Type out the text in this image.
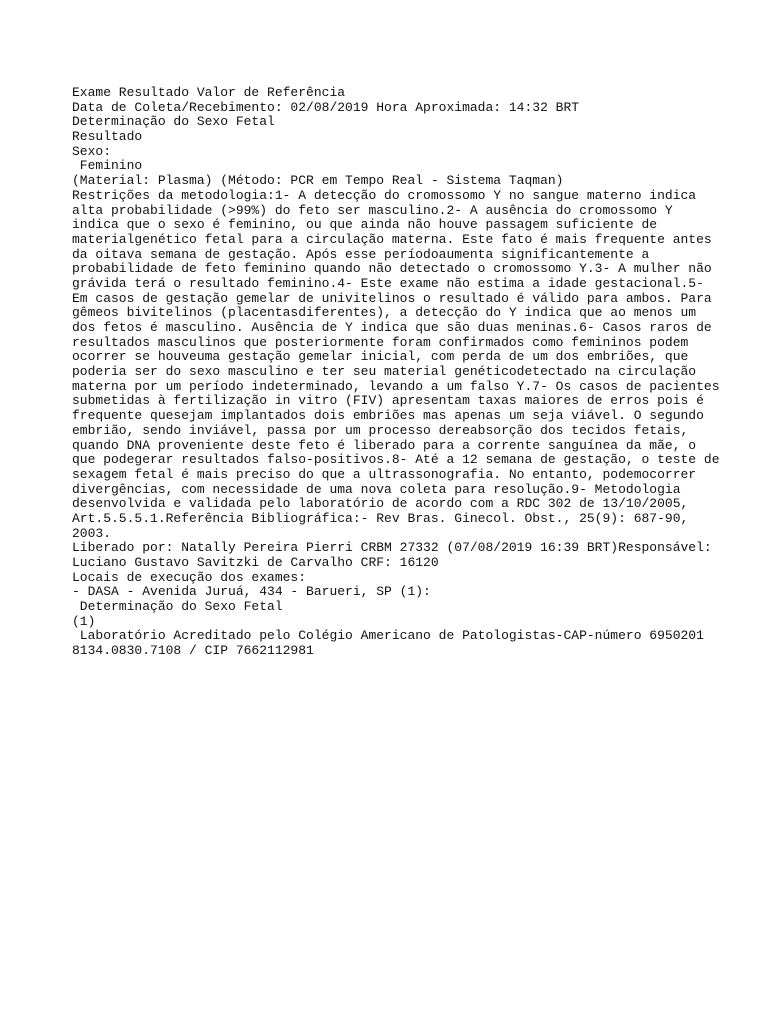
Exame Resultado Valor de Referência
Data de Coleta/Recebimento: 02/08/2019 Hora Aproximada: 14:32 BRT
Determinação do Sexo Fetal
Resultado
Sexo:
Feminino
(Material: Plasma) (Método: PCR em Tempo Real - Sistema Taqman)
Restrições da metodologia:1- A detecção do cromossomo Y no sangue materno indica
alta probabilidade (>99%) do feto ser masculino.2- A ausência do cromossomo Y
indica que o sexo é feminino, ou que ainda não houve passagem suficiente de
materialgenético fetal para a circulação materna. Este fato é mais frequente antes
da oitava semana de gestação. Após esse períodoaumenta significantemente a
probabilidade de feto feminino quando não detectado o cromossomo Y.3- A mulher não
grávida terá o resultado feminino.4- Este exame não estima a idade gestacional.5-
Em casos de gestação gemelar de univitelinos o resultado é válido para ambos. Para
gêmeos bivitelinos (placentasdiferentes), a detecção do Y indica que ao menos um
dos fetos é masculino. Ausência de Y indica que são duas meninas.6- Casos raros de
resultados masculinos que posteriormente foram confirmados como femininos podem
ocorrer se houveuma gestação gemelar inicial, com perda de um dos embriões, que
poderia ser do sexo masculino e ter seu material genéticodetectado na circulação
materna por um período indeterminado, levando a um falso Y.7- Os casos de pacientes
submetidas à fertilização in vitro (FIV) apresentam taxas maiores de erros pois é
frequente quesejam implantados dois embriões mas apenas um seja viável. O segundo
embrião, sendo inviável, passa por um processo dereabsorção dos tecidos fetais,
quando DNA proveniente deste feto é liberado para a corrente sanguínea da mãe, o
que podegerar resultados falso-positivos.8- Até a 12 semana de gestação, o teste de
sexagem fetal é mais preciso do que a ultrassonografia. No entanto, podemocorrer
divergências, com necessidade de uma nova coleta para resolução.9- Metodologia
desenvolvida e validada pelo laboratório de acordo com a RDC 302 de 13/10/2005,
Art.5.5.5.1.Referência Bibliográfica:- Rev Bras. Ginecol. Obst., 25(9): 687-90,
2003.
Liberado por: Natally Pereira Pierri CRBM 27332 (07/08/2019 16:39 BRT)Responsável:
Luciano Gustavo Savitzki de Carvalho CRF: 16120
Locais de execução dos exames:
- DASA - Avenida Juruá, 434 - Barueri, SP (1):
Determinação do Sexo Fetal
(1)
Laboratório Acreditado pelo Colégio Americano de Patologistas-CAP-número 6950201
8134.0830.7108 / CIP 7662112981
